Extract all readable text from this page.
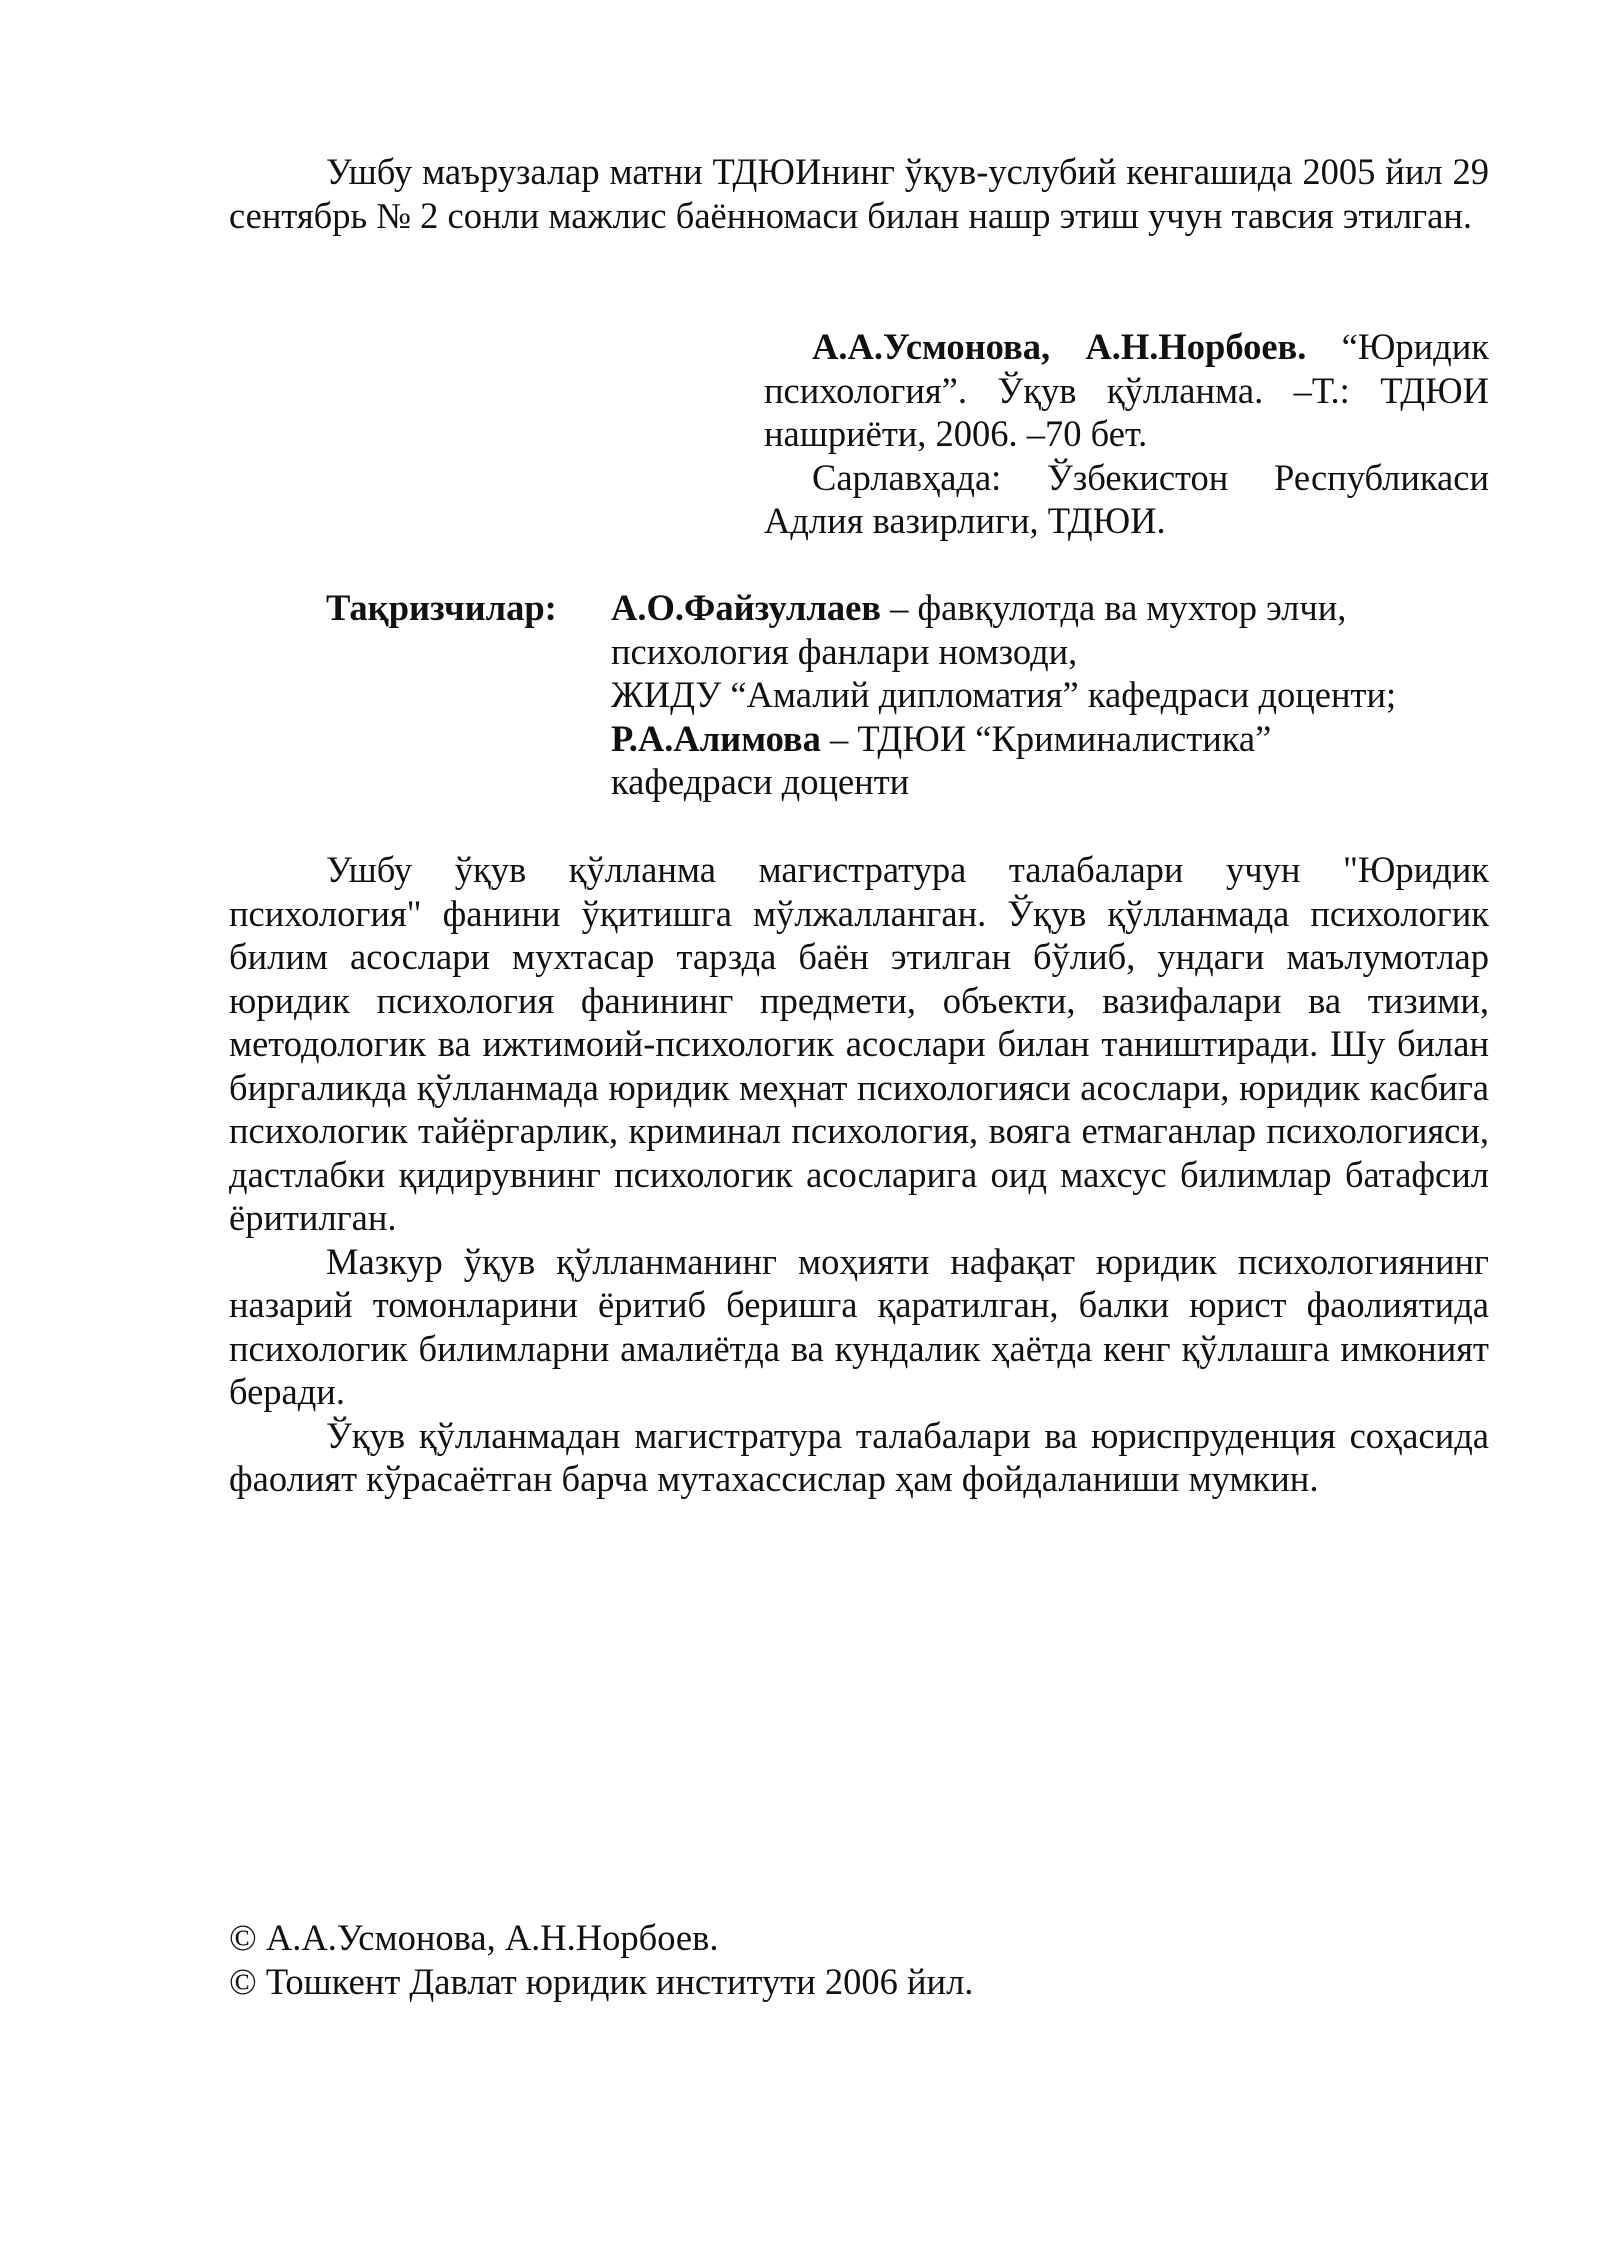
Ушбу маърузалар матни ТДЮИнинг ўқув-услубий кенгашида 2005 йил 29 сентябрь № 2 сонли мажлис баённомаси билан нашр этиш учун тавсия этилган.

А.А.Усмонова, А.Н.Норбоев. “Юридик психология”. Ўқув қўлланма. –Т.: ТДЮИ нашриёти, 2006. –70 бет.

Сарлавҳада: Ўзбекистон Республикаси Адлия вазирлиги, ТДЮИ.

Тақризчилар: А.О.Файзуллаев – фавқулотда ва мухтор элчи,
психология фанлари номзоди,
ЖИДУ “Амалий дипломатия” кафедраси доценти;
Р.А.Алимова – ТДЮИ “Криминалистика”
кафедраси доценти

Ушбу ўқув қўлланма магистратура талабалари учун "Юридик психология" фанини ўқитишга мўлжалланган. Ўқув қўлланмада психологик билим асослари мухтасар тарзда баён этилган бўлиб, ундаги маълумотлар юридик психология фанининг предмети, объекти, вазифалари ва тизими, методологик ва ижтимоий-психологик асослари билан таништиради. Шу билан биргаликда қўлланмада юридик меҳнат психологияси асослари, юридик касбига психологик тайёргарлик, криминал психология, вояга етмаганлар психологияси, дастлабки қидирувнинг психологик асосларига оид махсус билимлар батафсил ёритилган.

Мазкур ўқув қўлланманинг моҳияти нафақат юридик психологиянинг назарий томонларини ёритиб беришга қаратилган, балки юрист фаолиятида психологик билимларни амалиётда ва кундалик ҳаётда кенг қўллашга имконият беради.

Ўқув қўлланмадан магистратура талабалари ва юриспруденция соҳасида фаолият кўрасаётган барча мутахассислар ҳам фойдаланиши мумкин.

© А.А.Усмонова, А.Н.Норбоев.
© Тошкент Давлат юридик институти 2006 йил.
